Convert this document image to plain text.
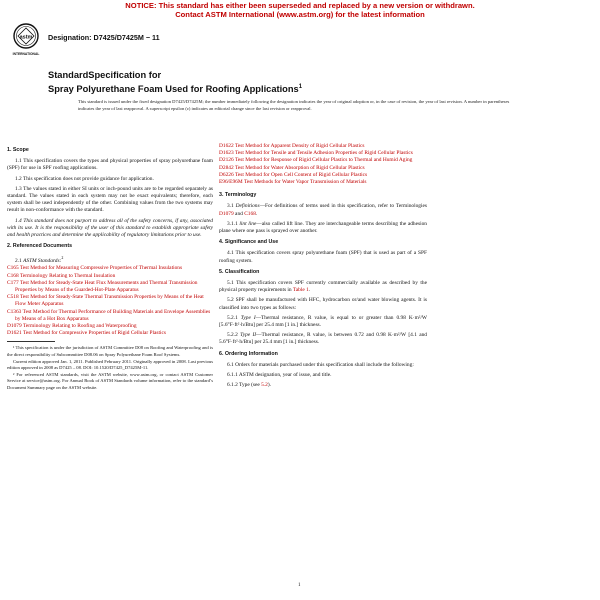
NOTICE: This standard has either been superseded and replaced by a new version or withdrawn.
Contact ASTM International (www.astm.org) for the latest information
astm
INTERNATIONAL
Designation: D7425/D7425M − 11
StandardSpecification for
Spray Polyurethane Foam Used for Roofing Applications$^1$
This standard is issued under the fixed designation D7425/D7425M; the number immediately following the designation indicates the year of original adoption or, in the case of revision, the year of last revision. A number in parentheses indicates the year of last reapproval. A superscript epsilon (ε) indicates an editorial change since the last revision or reapproval.
1. Scope

1.1 This specification covers the types and physical properties of spray polyurethane foam (SPF) for use in SPF roofing applications.

1.2 This specification does not provide guidance for application.

1.3 The values stated in either SI units or inch-pound units are to be regarded separately as standard. The values stated in each system may not be exact equivalents; therefore, each system shall be used independently of the other. Combining values from the two systems may result in non-conformance with the standard.

1.4 This standard does not purport to address all of the safety concerns, if any, associated with its use. It is the responsibility of the user of this standard to establish appropriate safety and health practices and determine the applicability of regulatory limitations prior to use.

2. Referenced Documents

2.1 ASTM Standards:$^2$

C165 Test Method for Measuring Compressive Properties of Thermal Insulations
C168 Terminology Relating to Thermal Insulation
C177 Test Method for Steady-State Heat Flux Measurements and Thermal Transmission Properties by Means of the Guarded-Hot-Plate Apparatus
C518 Test Method for Steady-State Thermal Transmission Properties by Means of the Heat Flow Meter Apparatus
C1363 Test Method for Thermal Performance of Building Materials and Envelope Assemblies by Means of a Hot Box Apparatus
D1079 Terminology Relating to Roofing and Waterproofing
D1621 Test Method for Compressive Properties of Rigid Cellular Plastics
¹ This specification is under the jurisdiction of ASTM Committee D08 on Roofing and Waterproofing and is the direct responsibility of Subcommittee D08.06 on Spray Polyurethane Foam Roof Systems.
Current edition approved Jan. 1, 2011. Published February 2011. Originally approved in 2008. Last previous edition approved in 2008 as D7425 – 08. DOI: 10.1520/D7425_D7425M-11.
² For referenced ASTM standards, visit the ASTM website, www.astm.org, or contact ASTM Customer Service at service@astm.org. For Annual Book of ASTM Standards volume information, refer to the standard’s Document Summary page on the ASTM website.
D1622 Test Method for Apparent Density of Rigid Cellular Plastics
D1623 Test Method for Tensile and Tensile Adhesion Properties of Rigid Cellular Plastics
D2126 Test Method for Response of Rigid Cellular Plastics to Thermal and Humid Aging
D2842 Test Method for Water Absorption of Rigid Cellular Plastics
D6226 Test Method for Open Cell Content of Rigid Cellular Plastics
E96/E96M Test Methods for Water Vapor Transmission of Materials
3. Terminology

3.1 Definitions—For definitions of terms used in this specification, refer to Terminologies D1079 and C168.

3.1.1 lint line—also called lift line. They are interchangeable terms describing the adhesion plane where one pass is sprayed over another.

4. Significance and Use

4.1 This specification covers spray polyurethane foam (SPF) that is used as part of a SPF roofing system.

5. Classification

5.1 This specification covers SPF currently commercially available as described by the physical property requirements in Table 1.

5.2 SPF shall be manufactured with HFC, hydrocarbon or/and water blowing agents. It is classified into two types as follows:

5.2.1 Type I—Thermal resistance, R value, is equal to or greater than 0.98 K·m²/W [5.6°F·ft²·h/Btu] per 25.4 mm [1 in.] thickness.

5.2.2 Type II—Thermal resistance, R value, is between 0.72 and 0.98 K·m²/W [4.1 and 5.6°F·ft²·h/Btu] per 25.4 mm [1 in.] thickness.

6. Ordering Information

6.1 Orders for materials purchased under this specification shall include the following:

6.1.1 ASTM designation, year of issue, and title.

6.1.2 Type (see 5.2).

1
